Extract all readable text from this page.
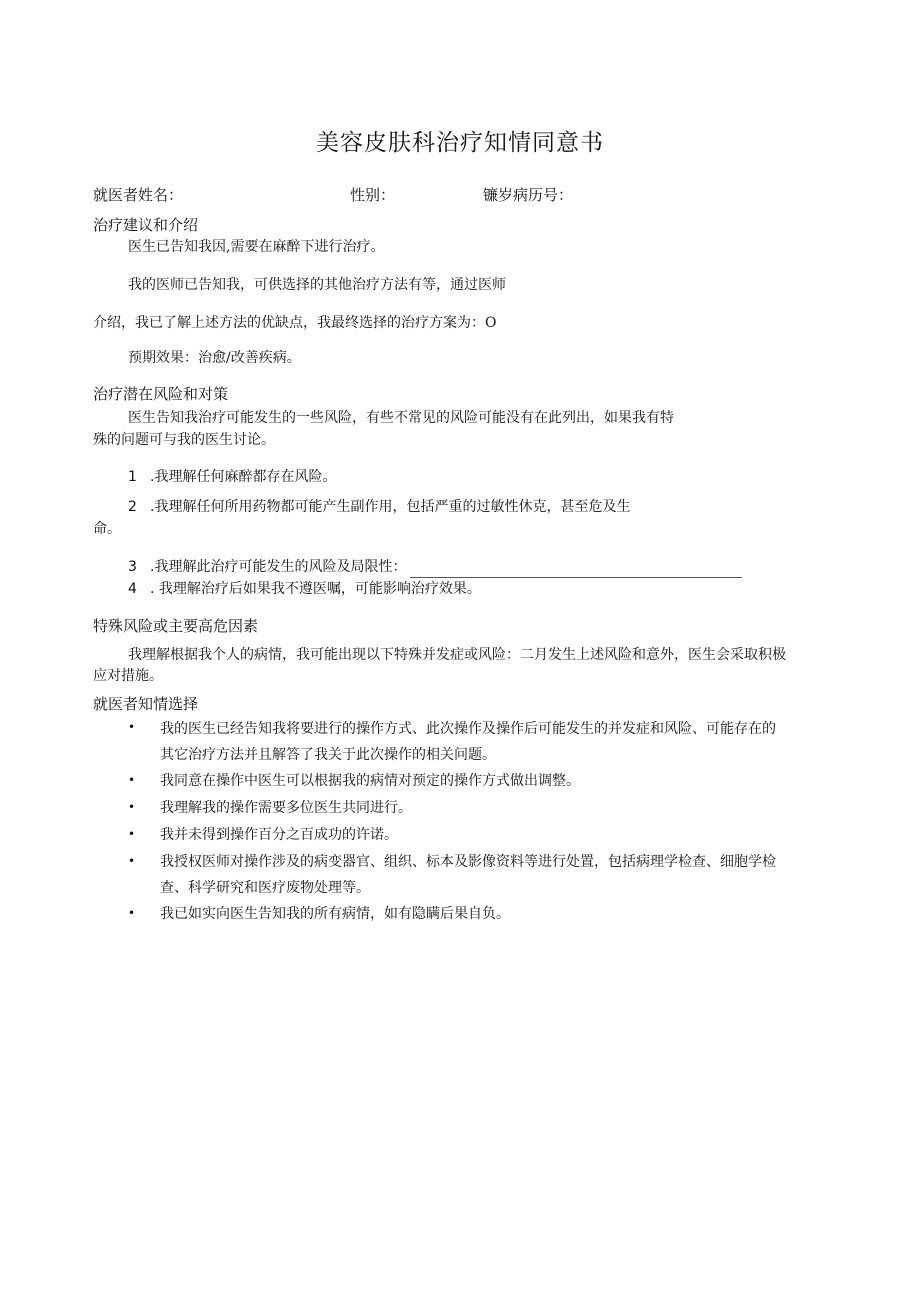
美容皮肤科治疗知情同意书
就医者姓名：	性别：	镰岁病历号：
治疗建议和介绍
医生已告知我因,需要在麻醉下进行治疗。
我的医师已告知我，可供选择的其他治疗方法有等，通过医师
介绍，我已了解上述方法的优缺点，我最终选择的治疗方案为：O
预期效果：治愈/改善疾病。
治疗潜在风险和对策
医生告知我治疗可能发生的一些风险，有些不常见的风险可能没有在此列出，如果我有特
殊的问题可与我的医生讨论。
1 .我理解任何麻醉都存在风险。
2 .我理解任何所用药物都可能产生副作用，包括严重的过敏性休克，甚至危及生
命。
3 .我理解此治疗可能发生的风险及局限性：
4 . 我理解治疗后如果我不遵医嘱，可能影响治疗效果。
特殊风险或主要高危因素
我理解根据我个人的病情，我可能出现以下特殊并发症或风险：二月发生上述风险和意外，医生会采取积极
应对措施。
就医者知情选择
• 我的医生已经告知我将要进行的操作方式、此次操作及操作后可能发生的并发症和风险、可能存在的
其它治疗方法并且解答了我关于此次操作的相关问题。
• 我同意在操作中医生可以根据我的病情对预定的操作方式做出调整。
• 我理解我的操作需要多位医生共同进行。
• 我并未得到操作百分之百成功的许诺。
• 我授权医师对操作涉及的病变器官、组织、标本及影像资料等进行处置，包括病理学检查、细胞学检
查、科学研究和医疗废物处理等。
• 我已如实向医生告知我的所有病情，如有隐瞒后果自负。
